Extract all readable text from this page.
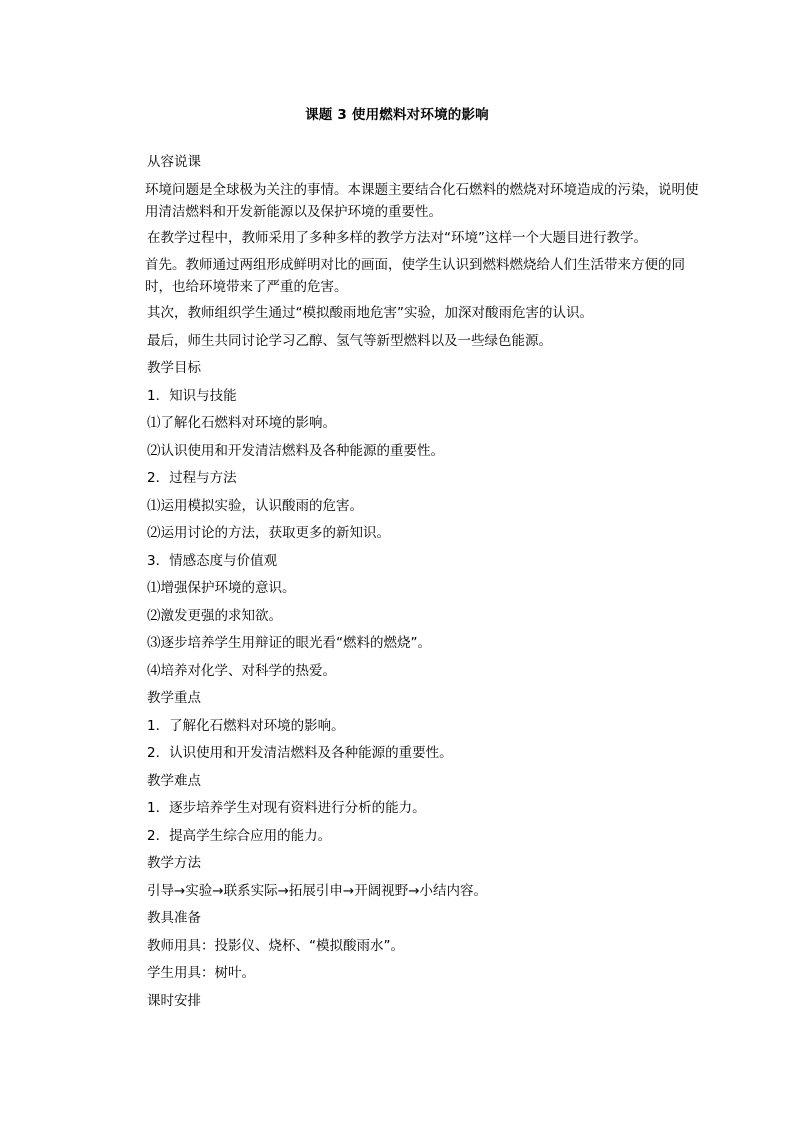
课题 3 使用燃料对环境的影响
从容说课
环境问题是全球极为关注的事情。本课题主要结合化石燃料的燃烧对环境造成的污染，说明使用清洁燃料和开发新能源以及保护环境的重要性。
在教学过程中，教师采用了多种多样的教学方法对“环境”这样一个大题目进行教学。
首先。教师通过两组形成鲜明对比的画面，使学生认识到燃料燃烧给人们生活带来方便的同时，也给环境带来了严重的危害。
其次，教师组织学生通过“模拟酸雨地危害”实验，加深对酸雨危害的认识。
最后，师生共同讨论学习乙醇、氢气等新型燃料以及一些绿色能源。
教学目标
1．知识与技能
⑴了解化石燃料对环境的影响。
⑵认识使用和开发清洁燃料及各种能源的重要性。
2．过程与方法
⑴运用模拟实验，认识酸雨的危害。
⑵运用讨论的方法，获取更多的新知识。
3．情感态度与价值观
⑴增强保护环境的意识。
⑵激发更强的求知欲。
⑶逐步培养学生用辩证的眼光看“燃料的燃烧”。
⑷培养对化学、对科学的热爱。
教学重点
1．了解化石燃料对环境的影响。
2．认识使用和开发清洁燃料及各种能源的重要性。
教学难点
1．逐步培养学生对现有资料进行分析的能力。
2．提高学生综合应用的能力。
教学方法
引导→实验→联系实际→拓展引申→开阔视野→小结内容。
教具准备
教师用具：投影仪、烧杯、“模拟酸雨水”。
学生用具：树叶。
课时安排
